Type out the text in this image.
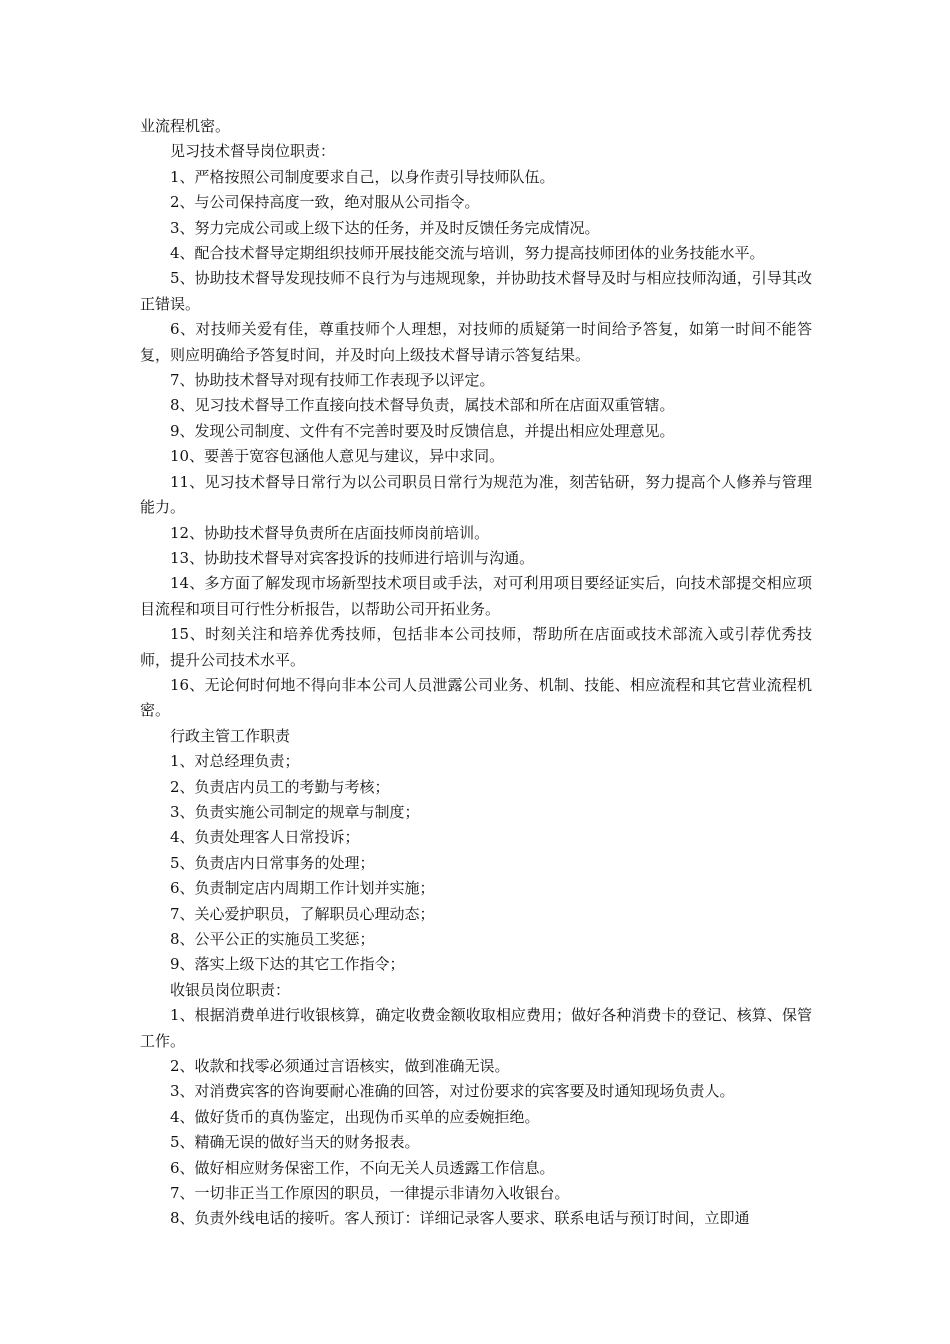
业流程机密。

见习技术督导岗位职责：

1、严格按照公司制度要求自己，以身作责引导技师队伍。

2、与公司保持高度一致，绝对服从公司指令。

3、努力完成公司或上级下达的任务，并及时反馈任务完成情况。

4、配合技术督导定期组织技师开展技能交流与培训，努力提高技师团体的业务技能水平。

5、协助技术督导发现技师不良行为与违规现象，并协助技术督导及时与相应技师沟通，引导其改正错误。

6、对技师关爱有佳，尊重技师个人理想，对技师的质疑第一时间给予答复，如第一时间不能答复，则应明确给予答复时间，并及时向上级技术督导请示答复结果。

7、协助技术督导对现有技师工作表现予以评定。

8、见习技术督导工作直接向技术督导负责，属技术部和所在店面双重管辖。

9、发现公司制度、文件有不完善时要及时反馈信息，并提出相应处理意见。

10、要善于宽容包涵他人意见与建议，异中求同。

11、见习技术督导日常行为以公司职员日常行为规范为准，刻苦钻研，努力提高个人修养与管理能力。

12、协助技术督导负责所在店面技师岗前培训。

13、协助技术督导对宾客投诉的技师进行培训与沟通。

14、多方面了解发现市场新型技术项目或手法，对可利用项目要经证实后，向技术部提交相应项目流程和项目可行性分析报告，以帮助公司开拓业务。

15、时刻关注和培养优秀技师，包括非本公司技师，帮助所在店面或技术部流入或引荐优秀技师，提升公司技术水平。

16、无论何时何地不得向非本公司人员泄露公司业务、机制、技能、相应流程和其它营业流程机密。

行政主管工作职责

1、对总经理负责；

2、负责店内员工的考勤与考核；

3、负责实施公司制定的规章与制度；

4、负责处理客人日常投诉；

5、负责店内日常事务的处理；

6、负责制定店内周期工作计划并实施；

7、关心爱护职员，了解职员心理动态；

8、公平公正的实施员工奖惩；

9、落实上级下达的其它工作指令；

收银员岗位职责：

1、根据消费单进行收银核算，确定收费金额收取相应费用；做好各种消费卡的登记、核算、保管工作。

2、收款和找零必须通过言语核实，做到准确无误。

3、对消费宾客的咨询要耐心准确的回答，对过份要求的宾客要及时通知现场负责人。

4、做好货币的真伪鉴定，出现伪币买单的应委婉拒绝。

5、精确无误的做好当天的财务报表。

6、做好相应财务保密工作，不向无关人员透露工作信息。

7、一切非正当工作原因的职员，一律提示非请勿入收银台。

8、负责外线电话的接听。客人预订：详细记录客人要求、联系电话与预订时间，立即通
